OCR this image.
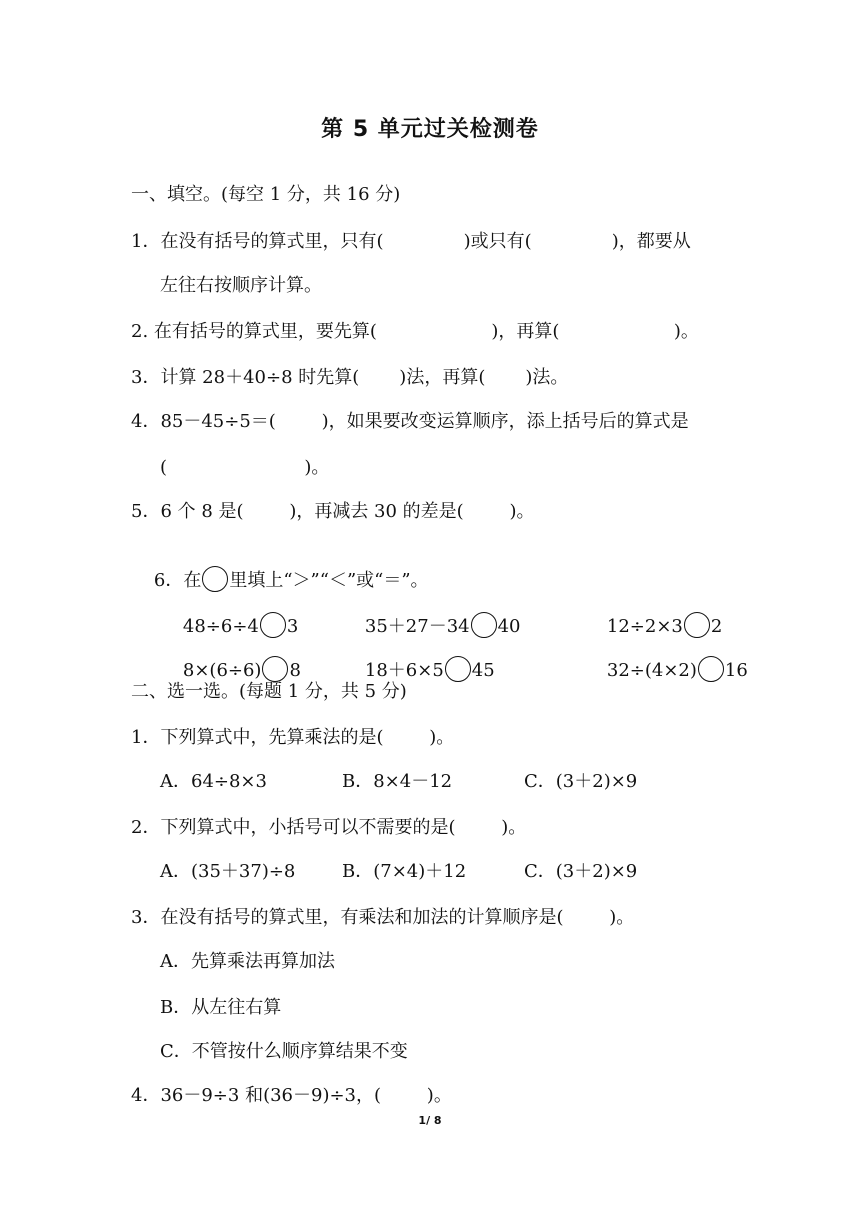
第 5 单元过关检测卷
一、填空。(每空 1 分，共 16 分)
1．在没有括号的算式里，只有(              )或只有(              )，都要从
左往右按顺序计算。
2. 在有括号的算式里，要先算(                    )，再算(                    )。
3．计算 28＋40÷8 时先算(       )法，再算(       )法。
4．85－45÷5＝(        )，如果要改变运算顺序，添上括号后的算式是
(                        )。
5．6 个 8 是(        )，再减去 30 的差是(        )。

6．在 里填上“＞”“＜”或“＝”。

48÷6÷4 3
	35＋27－34 40
	12÷2×3 2

8×(6÷6) 8
	18＋6×5 45
	32÷(4×2) 16

二、选一选。(每题 1 分，共 5 分)
1．下列算式中，先算乘法的是(        )。
A．64÷8×3	B．8×4－12	C．(3＋2)×9
2．下列算式中，小括号可以不需要的是(        )。
A．(35＋37)÷8	B．(7×4)＋12	C．(3＋2)×9
3．在没有括号的算式里，有乘法和加法的计算顺序是(        )。
A．先算乘法再算加法
B．从左往右算
C．不管按什么顺序算结果不变
4．36－9÷3 和(36－9)÷3，(        )。
1/ 8
